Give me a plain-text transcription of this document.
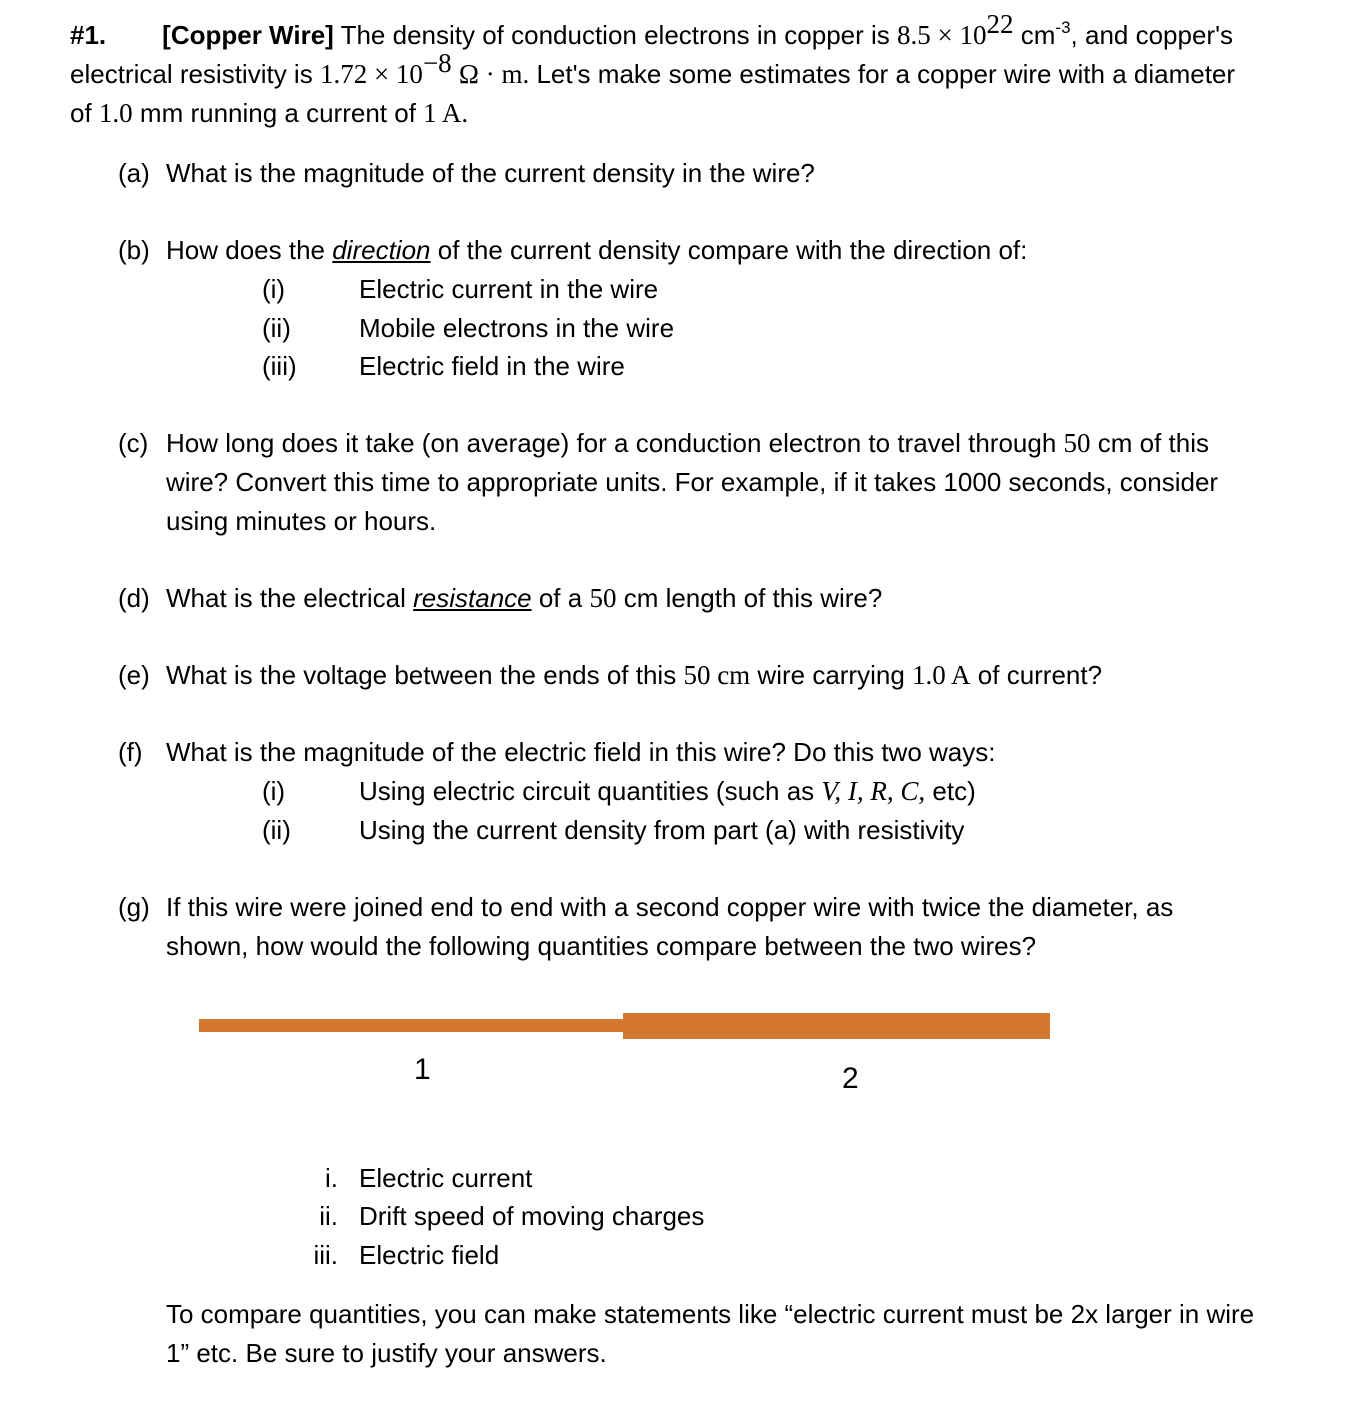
#1. [Copper Wire] The density of conduction electrons in copper is $8.5 \times 10^{22}$ $cm^{-3}$, and copper's
electrical resistivity is $1.72 \times 10^{-8}$ Ω · m. Let's make some estimates for a copper wire with a diameter
of 1.0 mm running a current of 1 A.
(a) What is the magnitude of the current density in the wire?
(b) How does the direction of the current density compare with the direction of:
(i)	Electric current in the wire
(ii)	Mobile electrons in the wire
(iii) Electric field in the wire
(c) How long does it take (on average) for a conduction electron to travel through 50 cm of this
wire? Convert this time to appropriate units. For example, if it takes 1000 seconds, consider
using minutes or hours.
(d) What is the electrical resistance of a 50 cm length of this wire?
(e) What is the voltage between the ends of this 50 cm wire carrying 1.0 A of current?
(f) What is the magnitude of the electric field in this wire? Do this two ways:
(i)	Using electric circuit quantities (such as V, I, R, C, etc)
(ii)	Using the current density from part (a) with resistivity
(g) If this wire were joined end to end with a second copper wire with twice the diameter, as
shown, how would the following quantities compare between the two wires?
1	2
i. Electric current
ii. Drift speed of moving charges
iii. Electric field
To compare quantities, you can make statements like “electric current must be 2x larger in wire
1” etc. Be sure to justify your answers.
